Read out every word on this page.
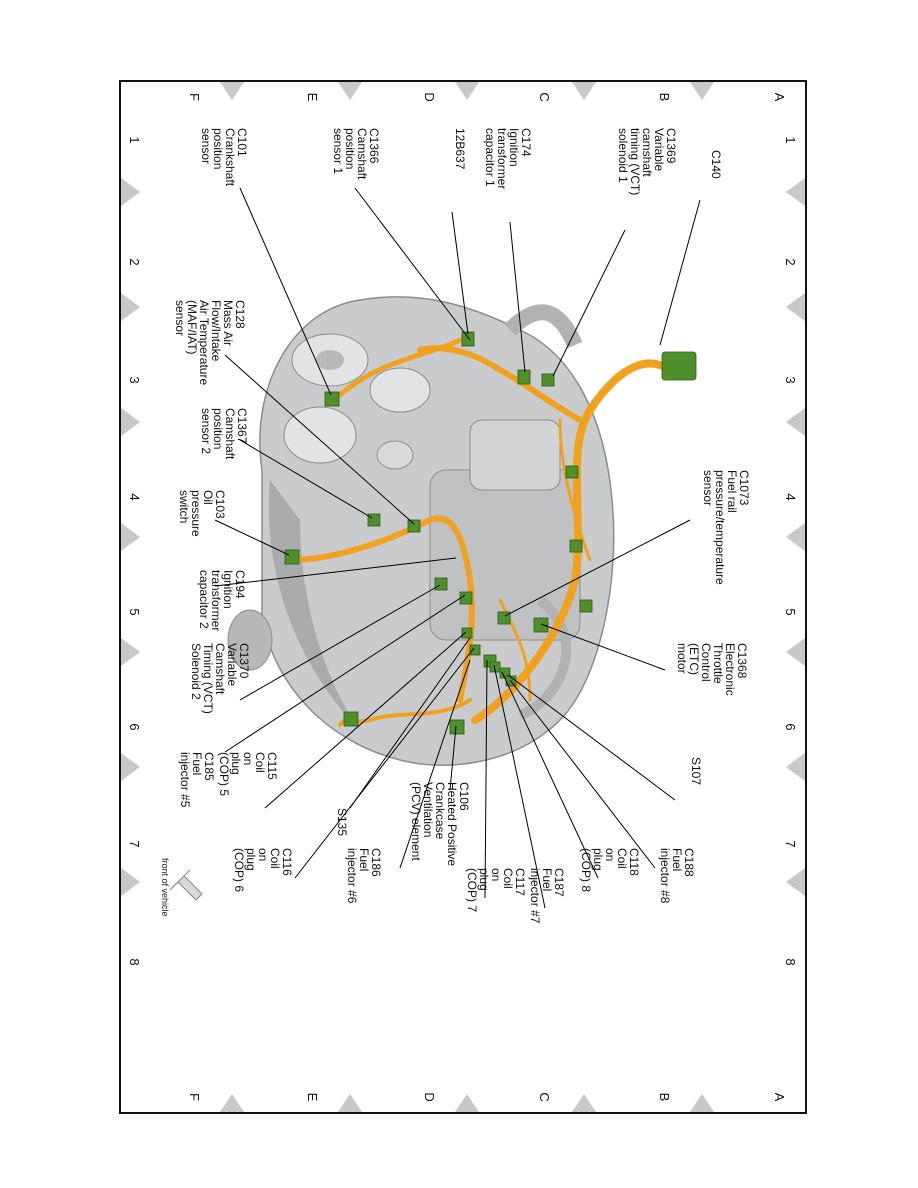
A
A
B
B
C
C
D
D
E
E
F
F
1
1
2
2
3
3
4
4
5
5
6
6
7
7
8
8
front of vehicle
C140
C1369Variablecamshafttiming (VCT)solenoid 1
C174Ignitiontransformercapacitor 1
12B637
C1366Camshaftpositionsensor 1
C101Crankshaftpositionsensor
C128Mass AirFlow/IntakeAir Temperature(MAF/IAT)sensor
C1367Camshaftpositionsensor 2
C103Oilpressureswitch
C194Ignitiontransformercapacitor 2
C1370VariableCamshaftTiming (VCT)Solenoid 2
C185Fuelinjector #5	C115Coilonplug(COP) 5
S135
C116Coilonplug(COP) 6	C186Fuelinjector #6
C106Heated PositiveCrankcaseVentilation(PCV) element
C117Coilonplug(COP) 7	C187Fuelinjector #7
C118Coilonplug(COP) 8	C188Fuelinjector #8
S107
C1368ElectronicThrottleControl(ETC)motor
C1073Fuel railpressure/temperaturesensor
